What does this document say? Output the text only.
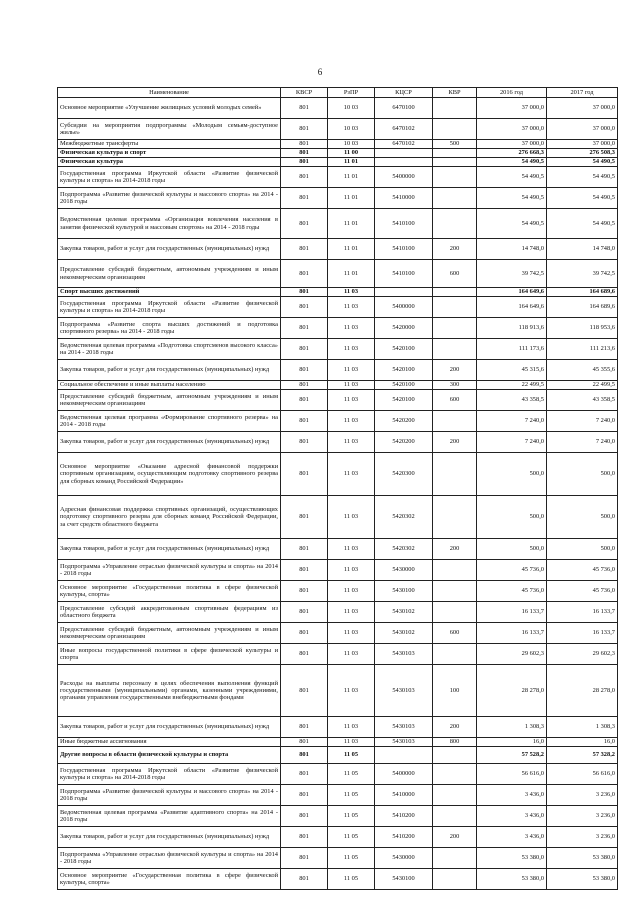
6
Наименование	КВСР	РзПР	КЦСР	КВР	2016 год	2017 год
Основное мероприятие «Улучшение жилищных условий молодых семей»	801	10 03	6470100		37 000,0	37 000,0
Субсидии на мероприятия подпрограммы «Молодым семьям-доступное жилье»	801	10 03	6470102		37 000,0	37 000,0
Межбюджетные трансферты	801	10 03	6470102	500	37 000,0	37 000,0
Физическая культура и спорт	801	11 00			276 668,3	276 508,3
Физическая культура	801	11 01			54 490,5	54 490,5
Государственная программа Иркутской области «Развитие физической культуры и спорта» на 2014-2018 годы	801	11 01	5400000		54 490,5	54 490,5
Подпрограмма «Развитие физической культуры и массового спорта» на 2014 - 2018 годы	801	11 01	5410000		54 490,5	54 490,5
Ведомственная целевая программа «Организация вовлечения населения в занятия физической культурой и массовым спортом» на 2014 - 2018 годы	801	11 01	5410100		54 490,5	54 490,5
Закупка товаров, работ и услуг для государственных (муниципальных) нужд	801	11 01	5410100	200	14 748,0	14 748,0
Предоставление субсидий бюджетным, автономным учреждениям и иным некоммерческим организациям	801	11 01	5410100	600	39 742,5	39 742,5
Спорт высших достижений	801	11 03			164 649,6	164 689,6
Государственная программа Иркутской области «Развитие физической культуры и спорта» на 2014-2018 годы	801	11 03	5400000		164 649,6	164 689,6
Подпрограмма «Развитие спорта высших достижений и подготовка спортивного резерва» на 2014 - 2018 годы	801	11 03	5420000		118 913,6	118 953,6
Ведомственная целевая программа «Подготовка спортсменов высокого класса» на 2014 - 2018 годы	801	11 03	5420100		111 173,6	111 213,6
Закупка товаров, работ и услуг для государственных (муниципальных) нужд	801	11 03	5420100	200	45 315,6	45 355,6
Социальное обеспечение и иные выплаты населению	801	11 03	5420100	300	22 499,5	22 499,5
Предоставление субсидий бюджетным, автономным учреждениям и иным некоммерческим организациям	801	11 03	5420100	600	43 358,5	43 358,5
Ведомственная целевая программа «Формирование спортивного резерва» на 2014 - 2018 годы	801	11 03	5420200		7 240,0	7 240,0
Закупка товаров, работ и услуг для государственных (муниципальных) нужд	801	11 03	5420200	200	7 240,0	7 240,0
Основное мероприятие «Оказание адресной финансовой поддержки спортивным организациям, осуществляющим подготовку спортивного резерва для сборных команд Российской Федерации»	801	11 03	5420300		500,0	500,0
Адресная финансовая поддержка спортивных организаций, осуществляющих подготовку спортивного резерва для сборных команд Российской Федерации, за счет средств областного бюджета	801	11 03	5420302		500,0	500,0
Закупка товаров, работ и услуг для государственных (муниципальных) нужд	801	11 03	5420302	200	500,0	500,0
Подпрограмма «Управление отраслью физической культуры и спорта» на 2014 - 2018 годы	801	11 03	5430000		45 736,0	45 736,0
Основное мероприятие «Государственная политика в сфере физической культуры, спорта»	801	11 03	5430100		45 736,0	45 736,0
Предоставление субсидий аккредитованным спортивным федерациям из областного бюджета	801	11 03	5430102		16 133,7	16 133,7
Предоставление субсидий бюджетным, автономным учреждениям и иным некоммерческим организациям	801	11 03	5430102	600	16 133,7	16 133,7
Иные вопросы государственной политики в сфере физической культуры и спорта	801	11 03	5430103		29 602,3	29 602,3
Расходы на выплаты персоналу в целях обеспечения выполнения функций государственными (муниципальными) органами, казенными учреждениями, органами управления государственными внебюджетными фондами	801	11 03	5430103	100	28 278,0	28 278,0
Закупка товаров, работ и услуг для государственных (муниципальных) нужд	801	11 03	5430103	200	1 308,3	1 308,3
Иные бюджетные ассигнования	801	11 03	5430103	800	16,0	16,0
Другие вопросы в области физической культуры и спорта	801	11 05			57 528,2	57 328,2
Государственная программа Иркутской области «Развитие физической культуры и спорта» на 2014-2018 годы	801	11 05	5400000		56 616,0	56 616,0
Подпрограмма «Развитие физической культуры и массового спорта» на 2014 - 2018 годы	801	11 05	5410000		3 436,0	3 236,0
Ведомственная целевая программа «Развитие адаптивного спорта» на 2014 - 2018 годы	801	11 05	5410200		3 436,0	3 236,0
Закупка товаров, работ и услуг для государственных (муниципальных) нужд	801	11 05	5410200	200	3 436,0	3 236,0
Подпрограмма «Управление отраслью физической культуры и спорта» на 2014 - 2018 годы	801	11 05	5430000		53 380,0	53 380,0
Основное мероприятие «Государственная политика в сфере физической культуры, спорта»	801	11 05	5430100		53 380,0	53 380,0
